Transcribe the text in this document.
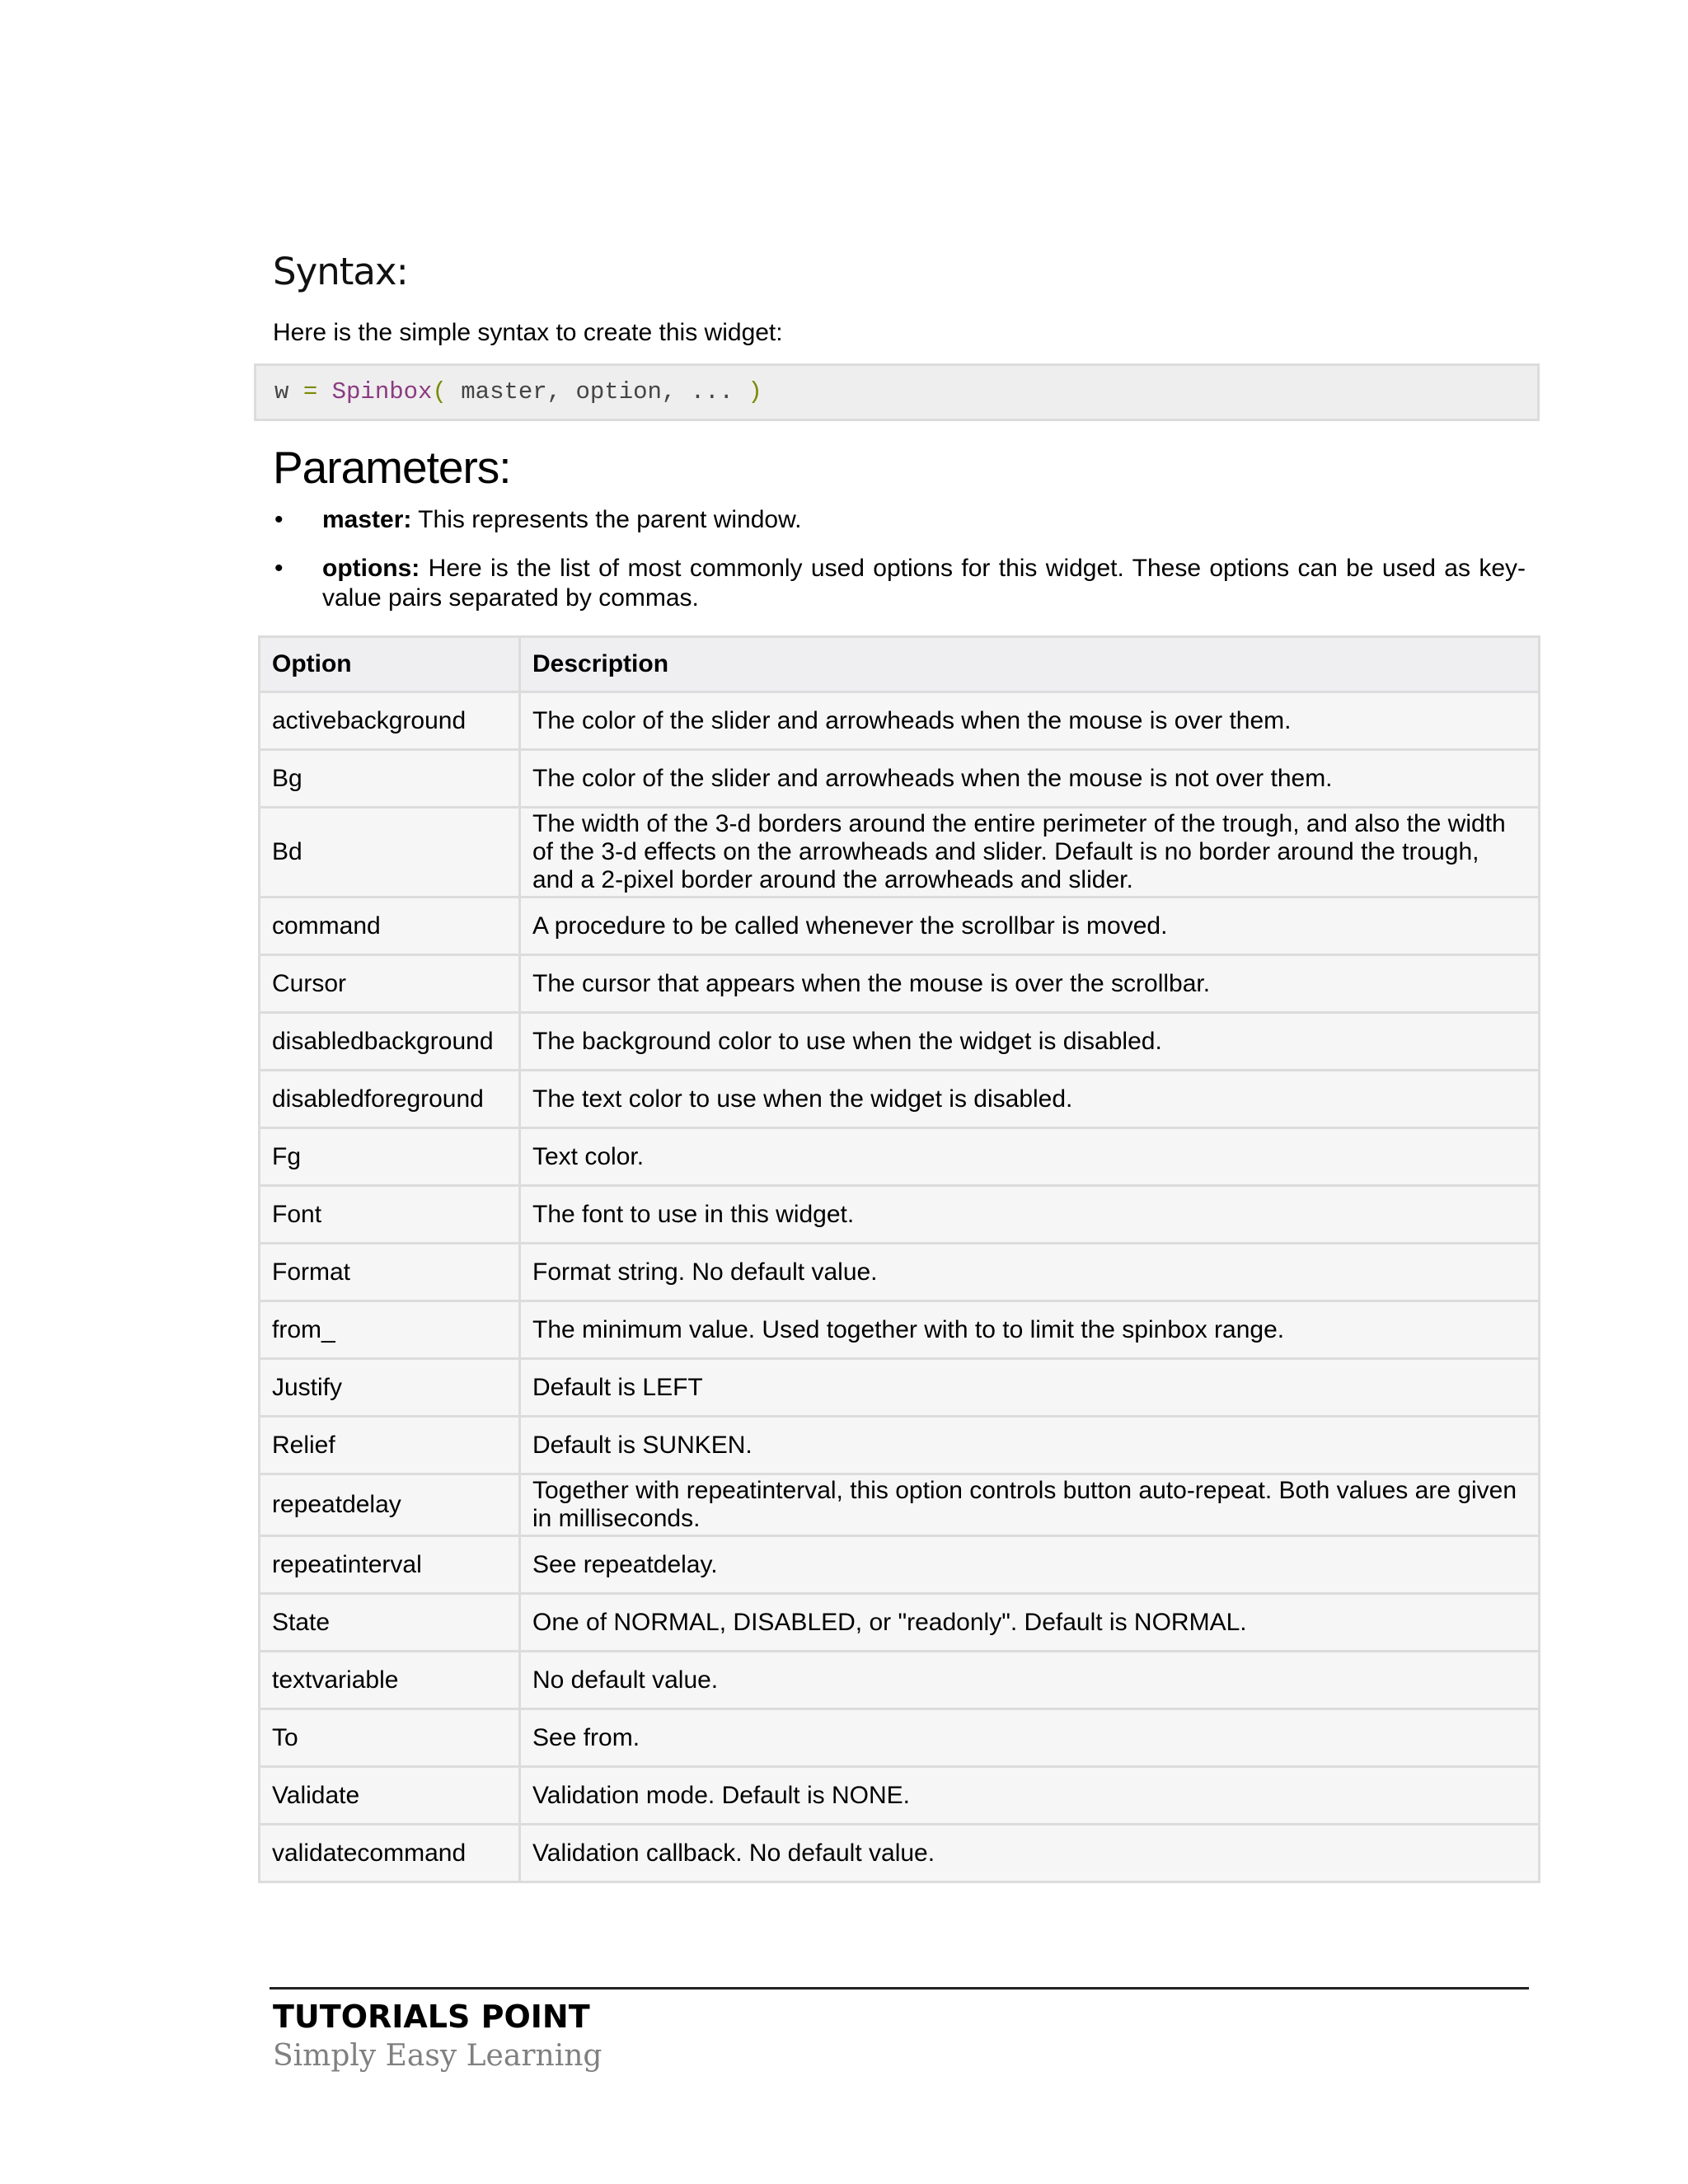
Syntax:

Here is the simple syntax to create this widget:

w = Spinbox( master, option, ... )
Parameters:
• master: This represents the parent window.
• options: Here is the list of most commonly used options for this widget. These options can be used as key-value pairs separated by commas.
Option	Description
activebackground	The color of the slider and arrowheads when the mouse is over them.
Bg	The color of the slider and arrowheads when the mouse is not over them.
Bd	The width of the 3-d borders around the entire perimeter of the trough, and also the width of the 3-d effects on the arrowheads and slider. Default is no border around the trough, and a 2-pixel border around the arrowheads and slider.
command	A procedure to be called whenever the scrollbar is moved.
Cursor	The cursor that appears when the mouse is over the scrollbar.
disabledbackground	The background color to use when the widget is disabled.
disabledforeground	The text color to use when the widget is disabled.
Fg	Text color.
Font	The font to use in this widget.
Format	Format string. No default value.
from_	The minimum value. Used together with to to limit the spinbox range.
Justify	Default is LEFT
Relief	Default is SUNKEN.
repeatdelay	Together with repeatinterval, this option controls button auto-repeat. Both values are given in milliseconds.
repeatinterval	See repeatdelay.
State	One of NORMAL, DISABLED, or "readonly". Default is NORMAL.
textvariable	No default value.
To	See from.
Validate	Validation mode. Default is NONE.
validatecommand	Validation callback. No default value.

TUTORIALS POINT

Simply Easy Learning
